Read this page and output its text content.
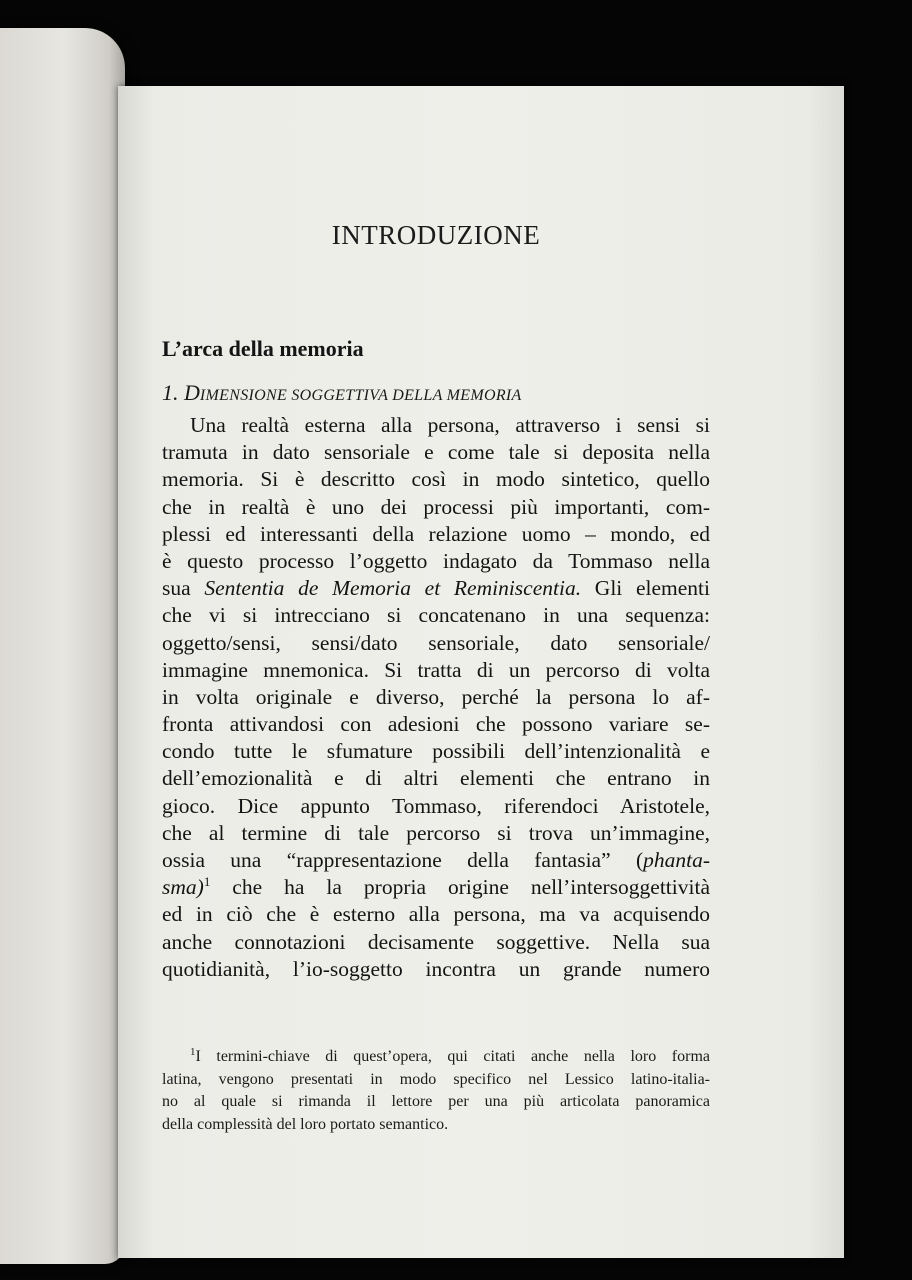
INTRODUZIONE
L’arca della memoria
1. DIMENSIONE SOGGETTIVA DELLA MEMORIA
Una realtà esterna alla persona, attraverso i sensi si
tramuta in dato sensoriale e come tale si deposita nella
memoria. Si è descritto così in modo sintetico, quello
che in realtà è uno dei processi più importanti, com-
plessi ed interessanti della relazione uomo – mondo, ed
è questo processo l’oggetto indagato da Tommaso nella
sua Sententia de Memoria et Reminiscentia. Gli elementi
che vi si intrecciano si concatenano in una sequenza:
oggetto/sensi, sensi/dato sensoriale, dato sensoriale/
immagine mnemonica. Si tratta di un percorso di volta
in volta originale e diverso, perché la persona lo af-
fronta attivandosi con adesioni che possono variare se-
condo tutte le sfumature possibili dell’intenzionalità e
dell’emozionalità e di altri elementi che entrano in
gioco. Dice appunto Tommaso, riferendoci Aristotele,
che al termine di tale percorso si trova un’immagine,
ossia una “rappresentazione della fantasia” (phanta-
sma)$^1$ che ha la propria origine nell’intersoggettività
ed in ciò che è esterno alla persona, ma va acquisendo
anche connotazioni decisamente soggettive. Nella sua
quotidianità, l’io-soggetto incontra un grande numero
$^1$I termini-chiave di quest’opera, qui citati anche nella loro forma
latina, vengono presentati in modo specifico nel Lessico latino-italia-
no al quale si rimanda il lettore per una più articolata panoramica
della complessità del loro portato semantico.
